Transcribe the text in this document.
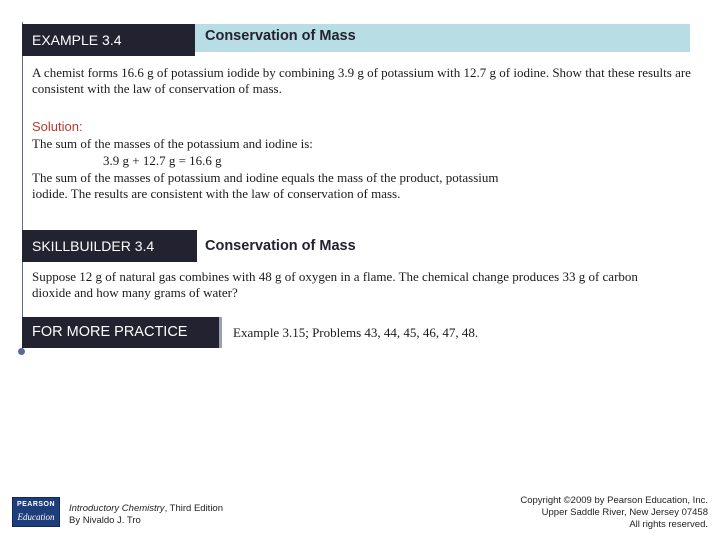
EXAMPLE 3.4	Conservation of Mass
A chemist forms 16.6 g of potassium iodide by combining 3.9 g of potassium with 12.7 g of iodine. Show that these results are consistent with the law of conservation of mass.
Solution:
The sum of the masses of the potassium and iodine is:
3.9 g + 12.7 g = 16.6 g
The sum of the masses of potassium and iodine equals the mass of the product, potassium iodide. The results are consistent with the law of conservation of mass.
SKILLBUILDER 3.4	Conservation of Mass
Suppose 12 g of natural gas combines with 48 g of oxygen in a flame. The chemical change produces 33 g of carbon dioxide and how many grams of water?
FOR MORE PRACTICE	Example 3.15; Problems 43, 44, 45, 46, 47, 48.
PEARSON
Education
Introductory Chemistry, Third Edition
By Nivaldo J. Tro
Copyright ©2009 by Pearson Education, Inc.
Upper Saddle River, New Jersey 07458
All rights reserved.
